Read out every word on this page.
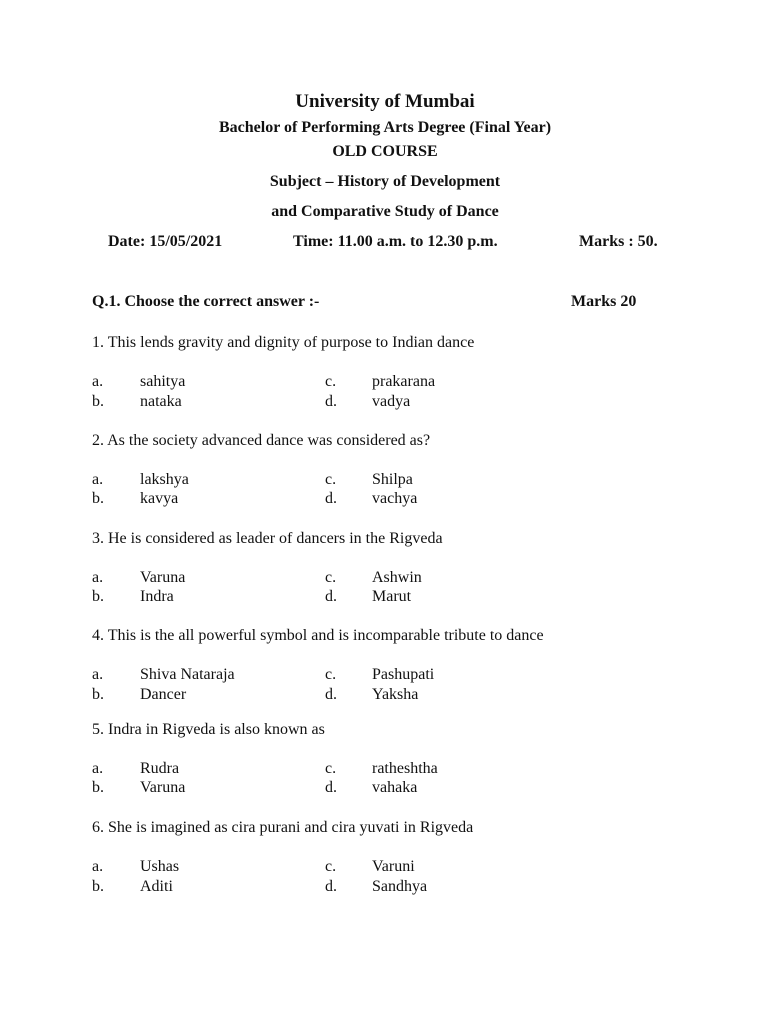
University of Mumbai
Bachelor of Performing Arts Degree (Final Year)
OLD COURSE
Subject – History of Development
and Comparative Study of Dance
Date: 15/05/2021	Time: 11.00 a.m. to 12.30 p.m.	Marks : 50.
Q.1. Choose the correct answer :-	Marks 20
1. This lends gravity and dignity of purpose to Indian dance
a. sahitya	c. prakarana
b. nataka	d. vadya
2. As the society advanced dance was considered as?
a. lakshya	c. Shilpa
b. kavya	d. vachya
3. He is considered as leader of dancers in the Rigveda
a. Varuna	c. Ashwin
b. Indra	d. Marut
4. This is the all powerful symbol and is incomparable tribute to dance
a. Shiva Nataraja	c. Pashupati
b. Dancer	d. Yaksha
5. Indra in Rigveda is also known as
a. Rudra	c. ratheshtha
b. Varuna	d. vahaka
6. She is imagined as cira purani and cira yuvati in Rigveda
a. Ushas	c. Varuni
b. Aditi	d. Sandhya
